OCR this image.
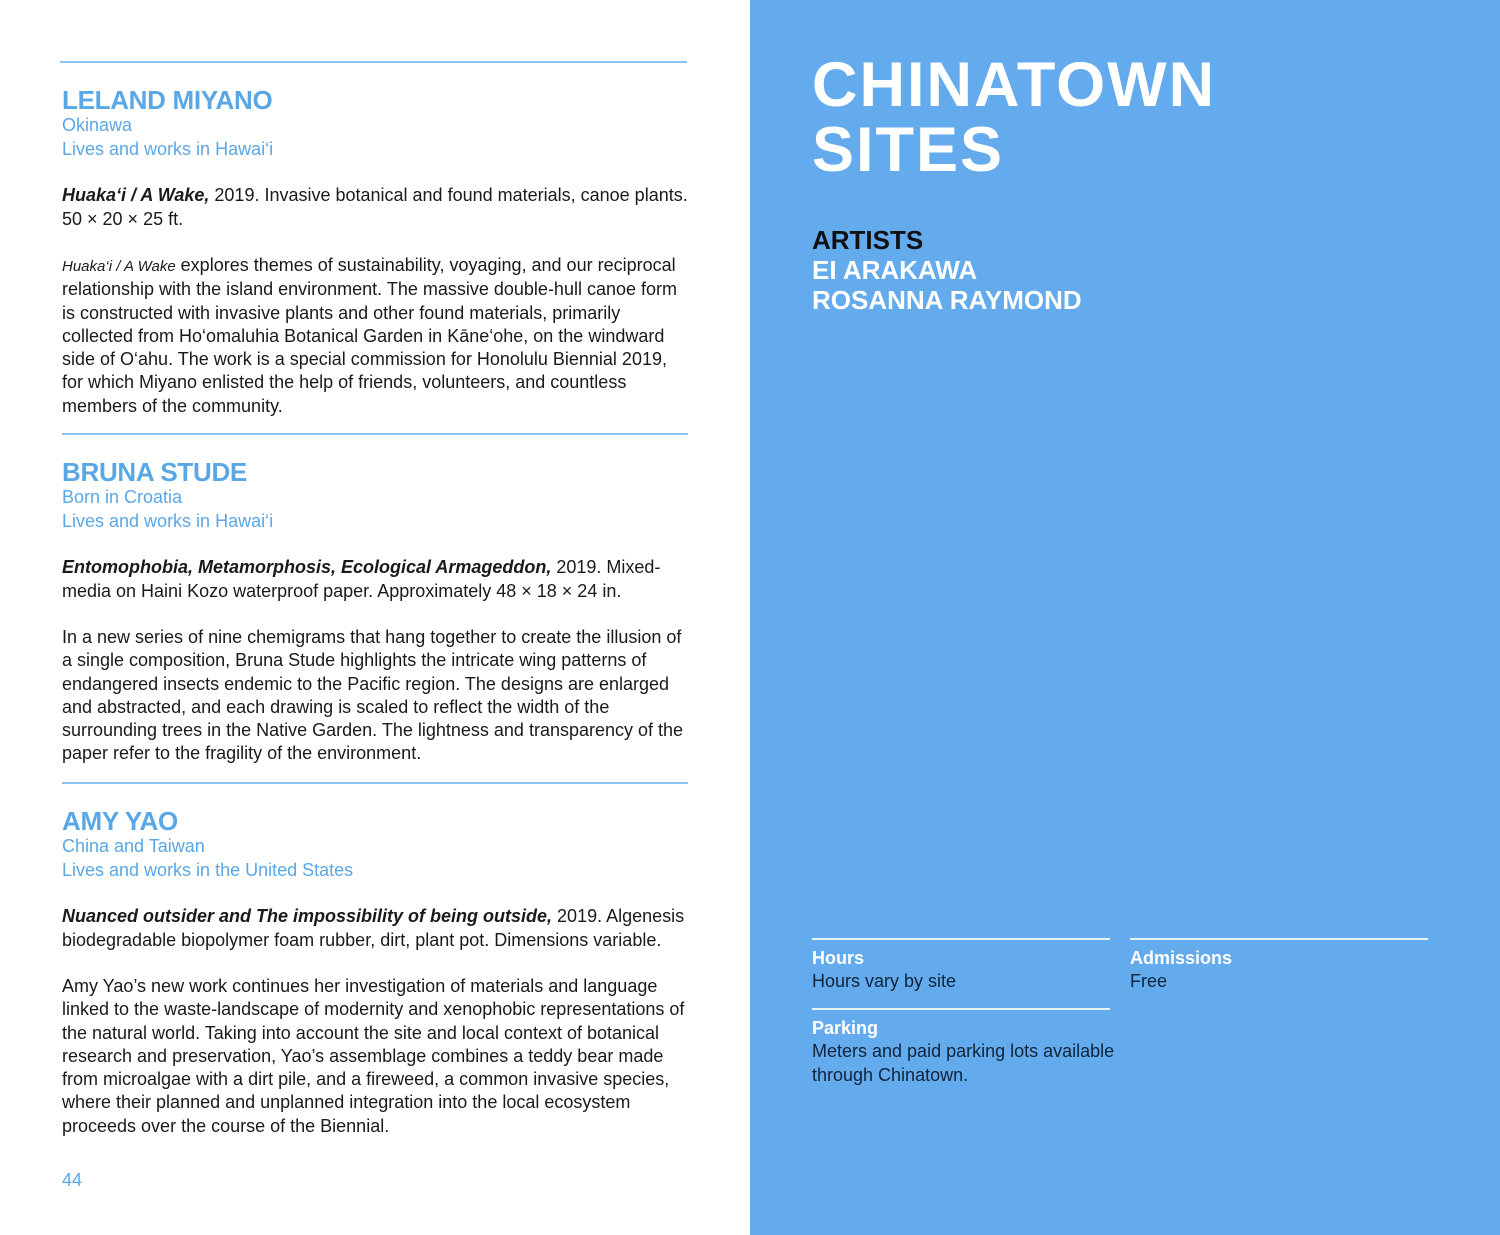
LELAND MIYANO
Okinawa
Lives and works in Hawai‘i
Huaka‘i / A Wake, 2019. Invasive botanical and found materials, canoe plants. 50 × 20 × 25 ft.
Huaka‘i / A Wake explores themes of sustainability, voyaging, and our reciprocal relationship with the island environment. The massive double-hull canoe form is constructed with invasive plants and other found materials, primarily collected from Ho‘omaluhia Botanical Garden in Kāne‘ohe, on the windward side of O‘ahu. The work is a special commission for Honolulu Biennial 2019, for which Miyano enlisted the help of friends, volunteers, and countless members of the community.
BRUNA STUDE
Born in Croatia
Lives and works in Hawai‘i
Entomophobia, Metamorphosis, Ecological Armageddon, 2019. Mixed-media on Haini Kozo waterproof paper. Approximately 48 × 18 × 24 in.
In a new series of nine chemigrams that hang together to create the illusion of a single composition, Bruna Stude highlights the intricate wing patterns of endangered insects endemic to the Pacific region. The designs are enlarged and abstracted, and each drawing is scaled to reflect the width of the surrounding trees in the Native Garden. The lightness and transparency of the paper refer to the fragility of the environment.
AMY YAO
China and Taiwan
Lives and works in the United States
Nuanced outsider and The impossibility of being outside, 2019. Algenesis biodegradable biopolymer foam rubber, dirt, plant pot. Dimensions variable.
Amy Yao’s new work continues her investigation of materials and language linked to the waste-landscape of modernity and xenophobic representations of the natural world. Taking into account the site and local context of botanical research and preservation, Yao’s assemblage combines a teddy bear made from microalgae with a dirt pile, and a fireweed, a common invasive species, where their planned and unplanned integration into the local ecosystem proceeds over the course of the Biennial.
44
CHINATOWN
SITES
ARTISTS
EI ARAKAWA
ROSANNA RAYMOND
Hours
Hours vary by site
Admissions
Free
Parking
Meters and paid parking lots available through Chinatown.
